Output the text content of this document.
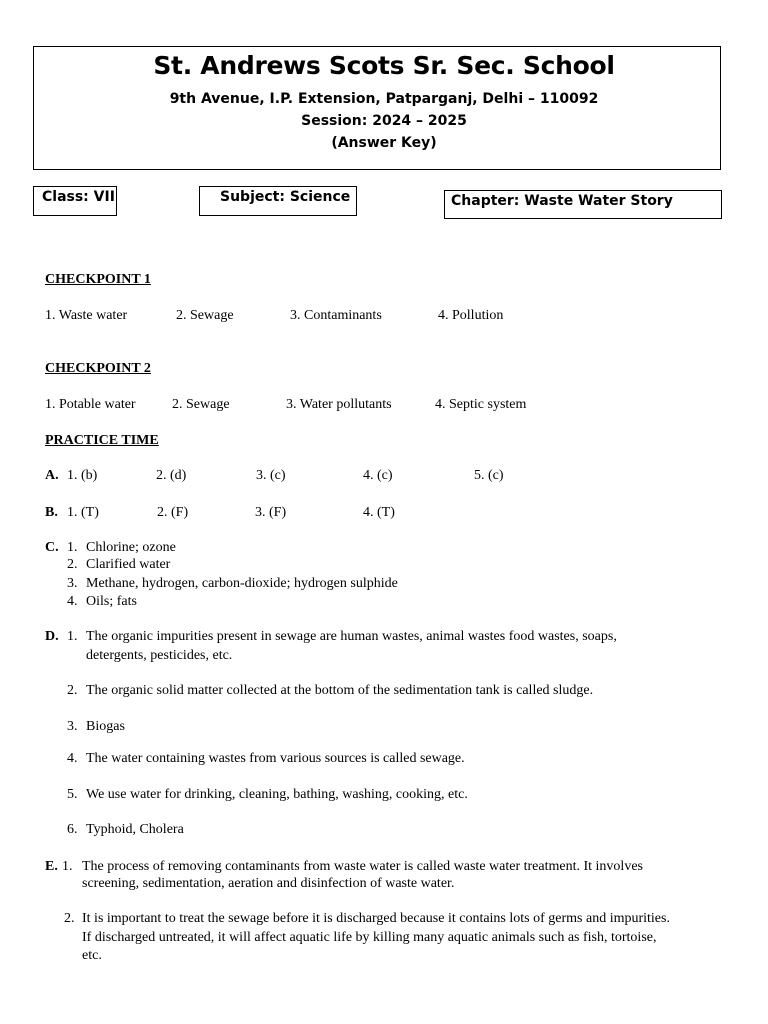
St. Andrews Scots Sr. Sec. School
9th Avenue, I.P. Extension, Patparganj, Delhi – 110092
Session: 2024 – 2025
(Answer Key)
Class: VII	Subject: Science	Chapter: Waste Water Story
CHECKPOINT 1
1. Waste water	2. Sewage	3. Contaminants	4. Pollution
CHECKPOINT 2
1. Potable water	2. Sewage	3. Water pollutants	4. Septic system
PRACTICE TIME
A. 1. (b)	2. (d)	3. (c)	4. (c)	5. (c)
B. 1. (T)	2. (F)	3. (F)	4. (T)
C. 1. Chlorine; ozone
2. Clarified water
3. Methane, hydrogen, carbon-dioxide; hydrogen sulphide
4. Oils; fats
D. 1. The organic impurities present in sewage are human wastes, animal wastes food wastes, soaps,
detergents, pesticides, etc.
2. The organic solid matter collected at the bottom of the sedimentation tank is called sludge.
3. Biogas
4. The water containing wastes from various sources is called sewage.
5. We use water for drinking, cleaning, bathing, washing, cooking, etc.
6. Typhoid, Cholera
E. 1. The process of removing contaminants from waste water is called waste water treatment. It involves
screening, sedimentation, aeration and disinfection of waste water.
2. It is important to treat the sewage before it is discharged because it contains lots of germs and impurities.
If discharged untreated, it will affect aquatic life by killing many aquatic animals such as fish, tortoise,
etc.
